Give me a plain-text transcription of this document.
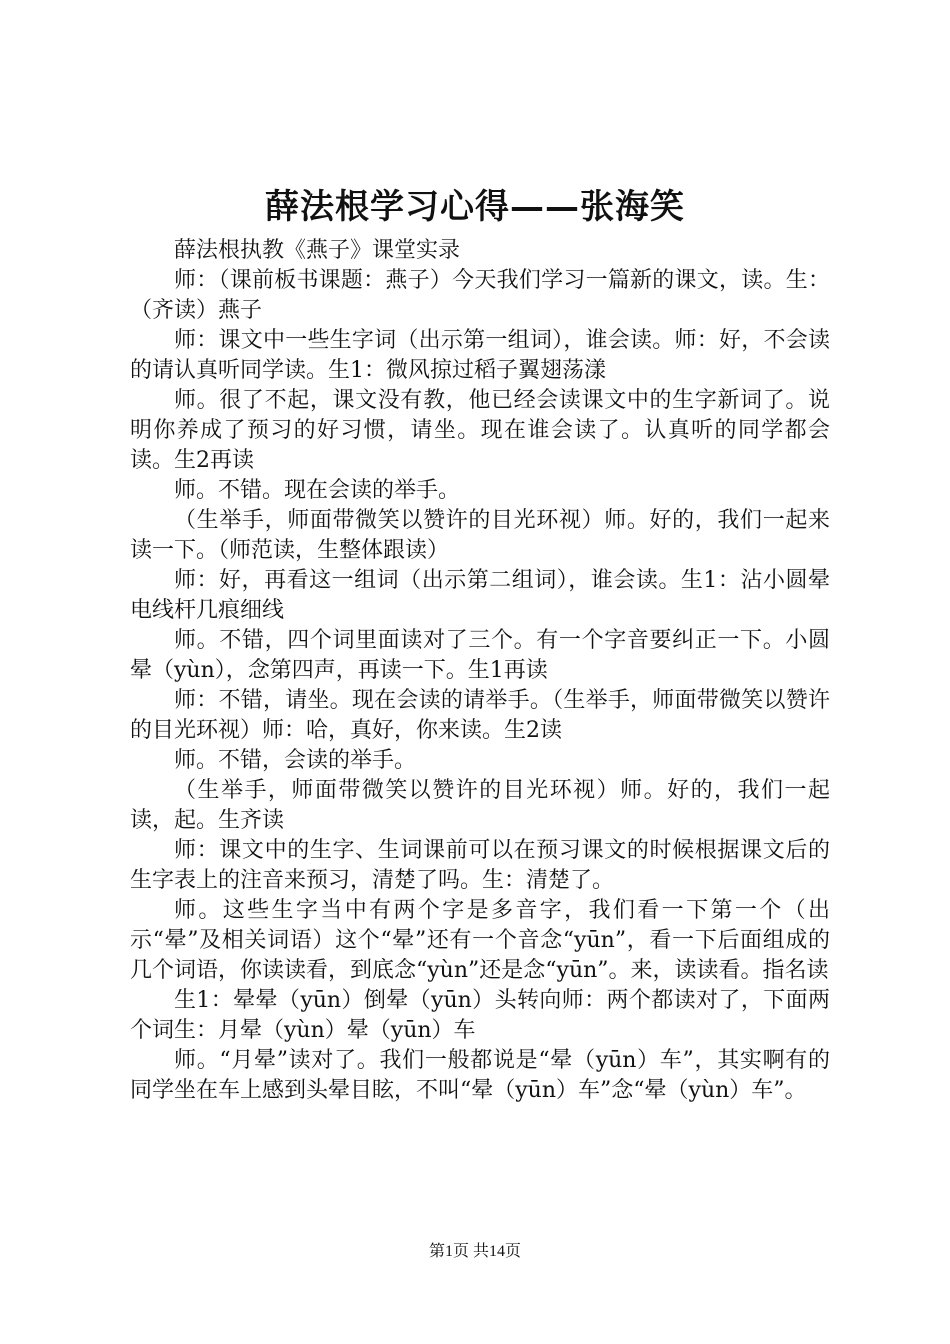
薛法根学习心得——张海笑

薛法根执教《燕子》课堂实录

师：（课前板书课题：燕子）今天我们学习一篇新的课文，读。生：（齐读）燕子

师：课文中一些生字词（出示第一组词），谁会读。师：好，不会读的请认真听同学读。生1：微风掠过稻子翼翅荡漾

师。很了不起，课文没有教，他已经会读课文中的生字新词了。说明你养成了预习的好习惯，请坐。现在谁会读了。认真听的同学都会读。生2再读

师。不错。现在会读的举手。

（生举手，师面带微笑以赞许的目光环视）师。好的，我们一起来读一下。（师范读，生整体跟读）

师：好，再看这一组词（出示第二组词），谁会读。生1：沾小圆晕电线杆几痕细线

师。不错，四个词里面读对了三个。有一个字音要纠正一下。小圆晕（yùn），念第四声，再读一下。生1再读

师：不错，请坐。现在会读的请举手。（生举手，师面带微笑以赞许的目光环视）师：哈，真好，你来读。生2读

师。不错，会读的举手。

（生举手，师面带微笑以赞许的目光环视）师。好的，我们一起读，起。生齐读

师：课文中的生字、生词课前可以在预习课文的时候根据课文后的生字表上的注音来预习，清楚了吗。生：清楚了。

师。这些生字当中有两个字是多音字，我们看一下第一个（出示“晕”及相关词语）这个“晕”还有一个音念“yūn”，看一下后面组成的几个词语，你读读看，到底念“yùn”还是念“yūn”。来，读读看。指名读

生1：晕晕（yūn）倒晕（yūn）头转向师：两个都读对了，下面两个词生：月晕（yùn）晕（yūn）车

师。“月晕”读对了。我们一般都说是“晕（yūn）车”，其实啊有的同学坐在车上感到头晕目眩，不叫“晕（yūn）车”念“晕（yùn）车”。

第1页 共14页
